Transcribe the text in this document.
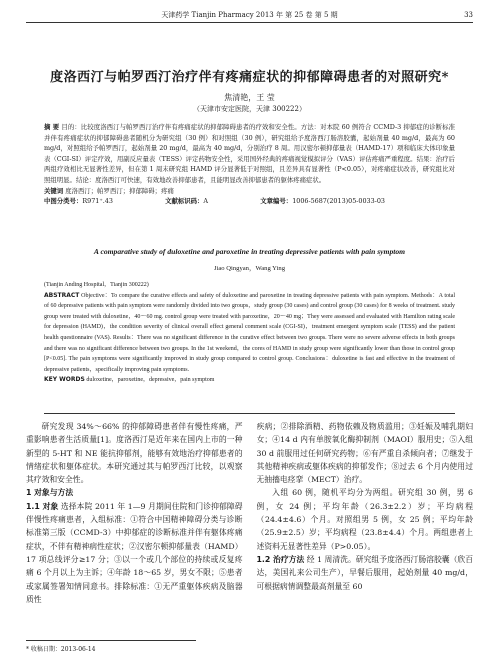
天津药学 Tianjin Pharmacy 2013 年 第 25 卷 第 5 期	33
度洛西汀与帕罗西汀治疗伴有疼痛症状的抑郁障碍患者的对照研究*
焦清艳，王 莹
（天津市安定医院，天津 300222）
摘 要 目的：比较度洛西汀与帕罗西汀治疗伴有疼痛症状的抑郁障碍患者的疗效和安全性。方法：对本院 60 例符合 CCMD-3 抑郁症的诊断标准并伴有疼痛症状的抑郁障碍患者随机分为研究组（30 例）和对照组（30 例），研究组给予度洛西汀肠溶胶囊，起始剂量 40 mg/d，最高为 60 mg/d，对照组给予帕罗西汀，起始剂量 20 mg/d，最高为 40 mg/d，分别治疗 8 周。用汉密尔顿抑郁量表（HAMD-17）项和临床大体印象量表（CGI-SI）评定疗效，用副反应量表（TESS）评定药物安全性，采用国外经典的疼痛视觉模拟评分（VAS）评估疼痛严重程度。结果：治疗后两组疗效相比无显著性差异，但在第 1 周末研究组 HAMD 评分显著低于对照组，且差异具有显著性（P<0.05），对疼痛症状改善，研究组比对照组明显。结论：度洛西汀可快速，有效地改善抑郁患者，且能明显改善抑郁患者的躯体疼痛症状。
关键词 度洛西汀；帕罗西汀；抑郁障碍；疼痛
中图分类号：R971⁺.43	文献标识码：A	文章编号：1006-5687(2013)05-0033-03
A comparative study of duloxetine and paroxetine in treating depressive patients with pain symptom
Jiao Qingyan，Wang Ying
(Tianjin Anding Hospital，Tianjin 300222)
ABSTRACT Objective：To compare the curative effects and safety of duloxetine and paroxetine in treating depressive patients with pain symptom. Methods：A total of 60 depressive patients with pain symptom were randomly divided into two groups，study group (30 cases) and control group (30 cases) for 8 weeks of treatment. study group were treated with duloxetine，40～60 mg. control group were treated with paroxetine，20～40 mg；They were assessed and evaluated with Hamilton rating scale for depression (HAMD)，the condition severity of clinical overall effect general comment scale (CGI-SI)，treatment emergent symptom scale (TESS) and the patient health questionnaire (VAS). Results：There was no significant difference in the curative effect between two groups. There were no severe adverse effects in both groups and there was no significant difference between two groups. In the 1st weekend，the cores of HAMD in study group were significantly lower than those in control group [P<0.05]. The pain symptoms were significantly improved in study group compared to control group. Conclusions：duloxetine is fast and effective in the treatment of depressive patients，specifically improving pain symptoms.
KEY WORDS duloxetine，paroxetine，depressive，pain symptom

研究发现 34%～66% 的抑郁障碍患者伴有慢性疼痛，严重影响患者生活质量[1]。度洛西汀是近年来在国内上市的一种新型的 5-HT 和 NE 能抗抑郁剂，能够有效地治疗抑郁患者的情绪症状和躯体症状。本研究通过其与帕罗西汀比较，以观察其疗效和安全性。

1 对象与方法

1.1 对象 选择本院 2011 年 1—9 月期间住院和门诊抑郁障碍伴慢性疼痛患者，入组标准：①符合中国精神障碍分类与诊断标准第三版（CCMD-3）中抑郁症的诊断标准并伴有躯体疼痛症状，不伴有精神病性症状；②汉密尔顿抑郁量表（HAMD）17 项总线评分≥17 分；③以一个或几个部位的持续或反复疼痛 6 个月以上为主诉；④年龄 18～65 岁，男女不限；⑤患者或家属签署知情同意书。排除标准：①无严重躯体疾病及脑器质性

疾病；②排除酒精、药物依赖及物质滥用；③妊娠及哺乳期妇女；④14 d 内有单胺氧化酶抑制剂（MAOI）服用史；⑤入组 30 d 前服用过任何研究药物；⑥有严重自杀倾向者；⑦继发于其他精神疾病或躯体疾病的抑郁发作；⑧过去 6 个月内使用过无抽搐电痉挛（MECT）治疗。

入组 60 例，随机平均分为两组。研究组 30 例，男 6 例，女 24 例；平均年龄（26.3±2.2）岁；平均病程（24.4±4.6）个月。对照组男 5 例，女 25 例；平均年龄（25.9±2.5）岁；平均病程（23.8±4.4）个月。两组患者上述资料无显著性差异（P>0.05）。

1.2 治疗方法 经 1 周清洗。研究组予度洛西汀肠溶胶囊（欣百达，美国礼来公司生产），早餐后服用，起始剂量 40 mg/d，可根据病情调整最高剂量至 60

* 收稿日期：2013-06-14
